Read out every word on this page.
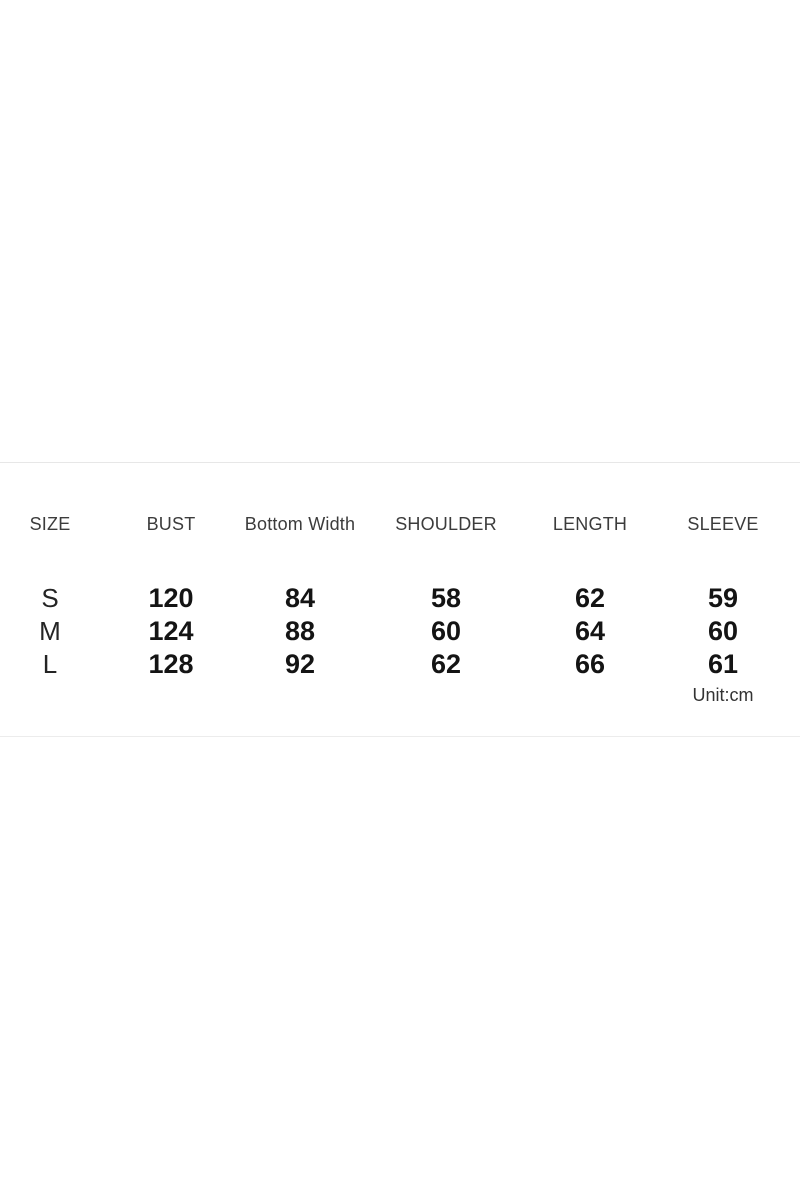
SIZE	BUST	Bottom Width	SHOULDER	LENGTH	SLEEVE
S	120	84	58	62	59
M	124	88	60	64	60
L	128	92	62	66	61
Unit:cm
